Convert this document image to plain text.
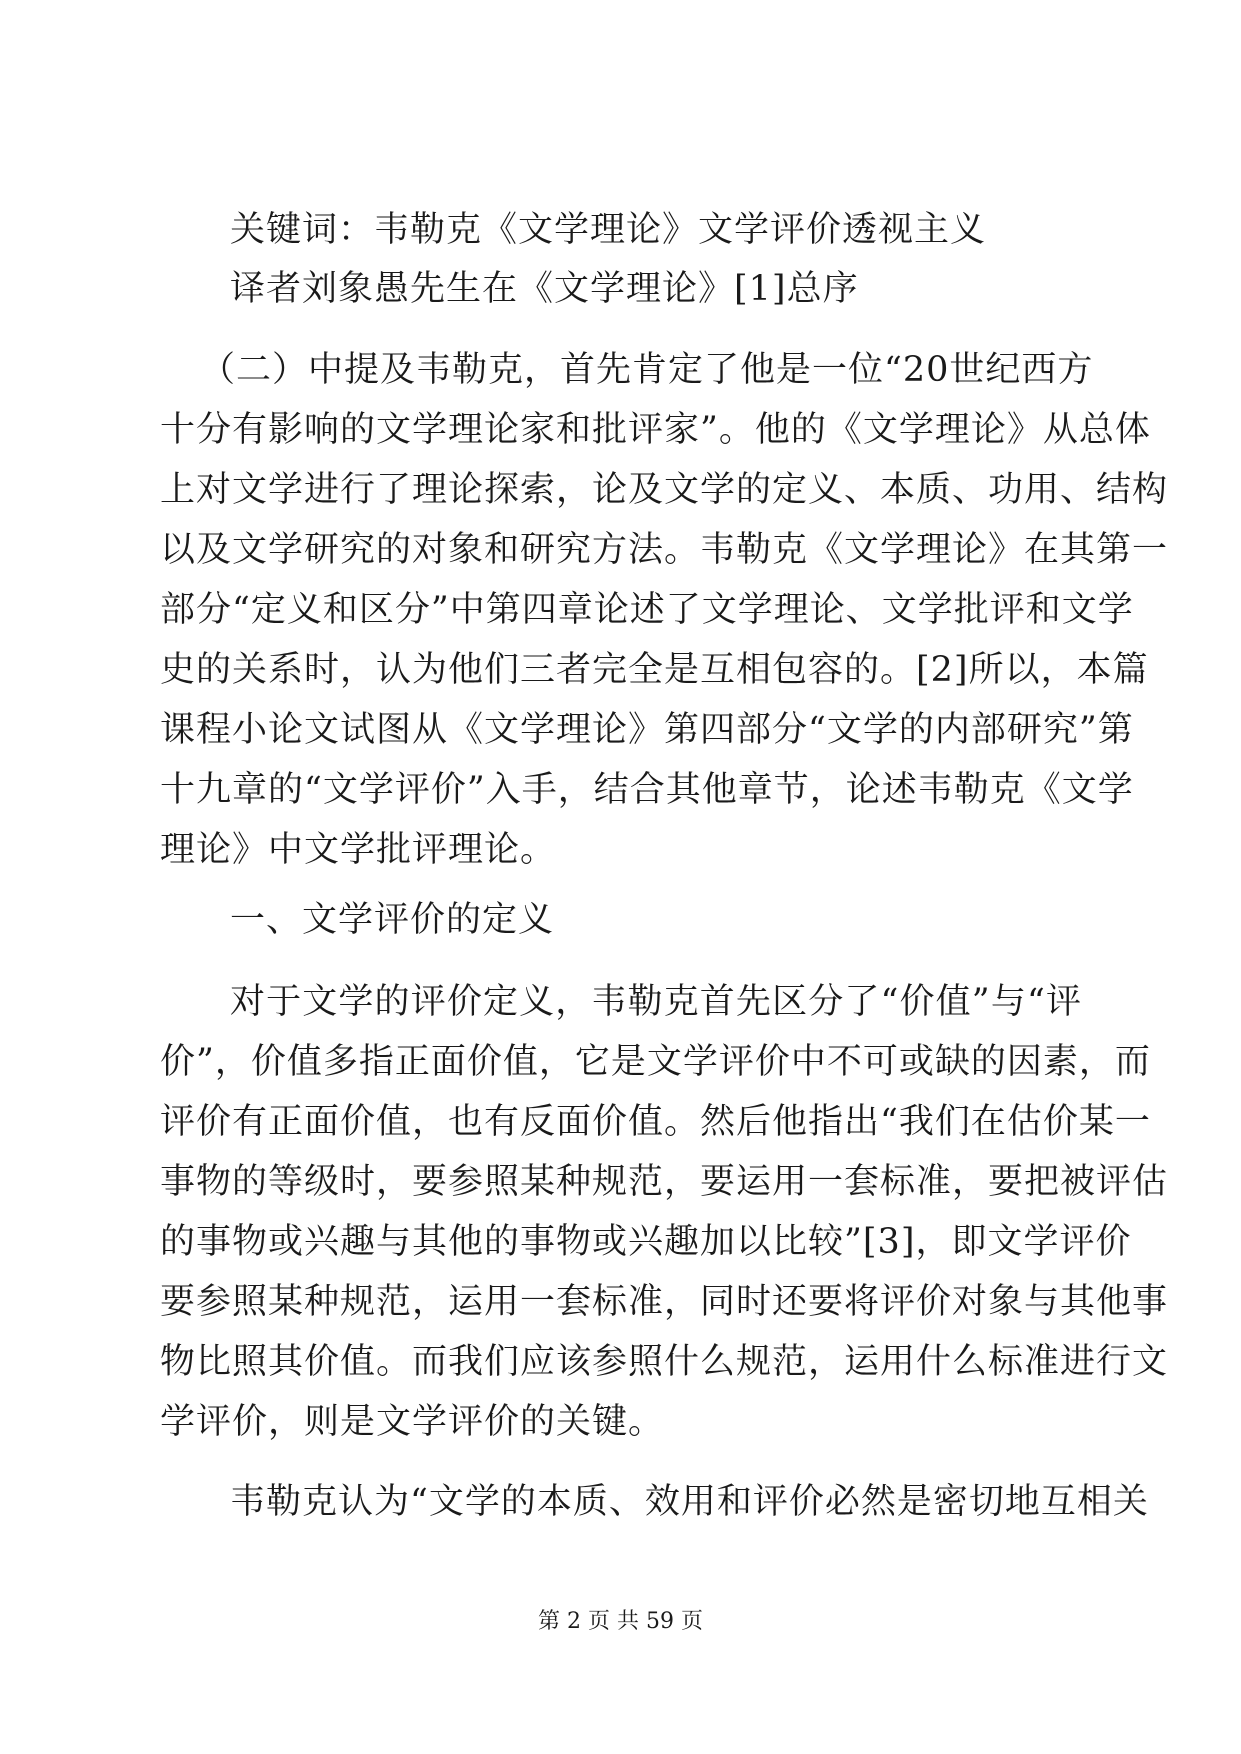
关键词：韦勒克《文学理论》文学评价透视主义
译者刘象愚先生在《文学理论》[1]总序
（二）中提及韦勒克，首先肯定了他是一位“20世纪西方
十分有影响的文学理论家和批评家”。他的《文学理论》从总体
上对文学进行了理论探索，论及文学的定义、本质、功用、结构
以及文学研究的对象和研究方法。韦勒克《文学理论》在其第一
部分“定义和区分”中第四章论述了文学理论、文学批评和文学
史的关系时，认为他们三者完全是互相包容的。[2]所以，本篇
课程小论文试图从《文学理论》第四部分“文学的内部研究”第
十九章的“文学评价”入手，结合其他章节，论述韦勒克《文学
理论》中文学批评理论。
一、文学评价的定义
对于文学的评价定义，韦勒克首先区分了“价值”与“评
价”，价值多指正面价值，它是文学评价中不可或缺的因素，而
评价有正面价值，也有反面价值。然后他指出“我们在估价某一
事物的等级时，要参照某种规范，要运用一套标准，要把被评估
的事物或兴趣与其他的事物或兴趣加以比较”[3]，即文学评价
要参照某种规范，运用一套标准，同时还要将评价对象与其他事
物比照其价值。而我们应该参照什么规范，运用什么标准进行文
学评价，则是文学评价的关键。
韦勒克认为“文学的本质、效用和评价必然是密切地互相关
第 2 页 共 59 页
